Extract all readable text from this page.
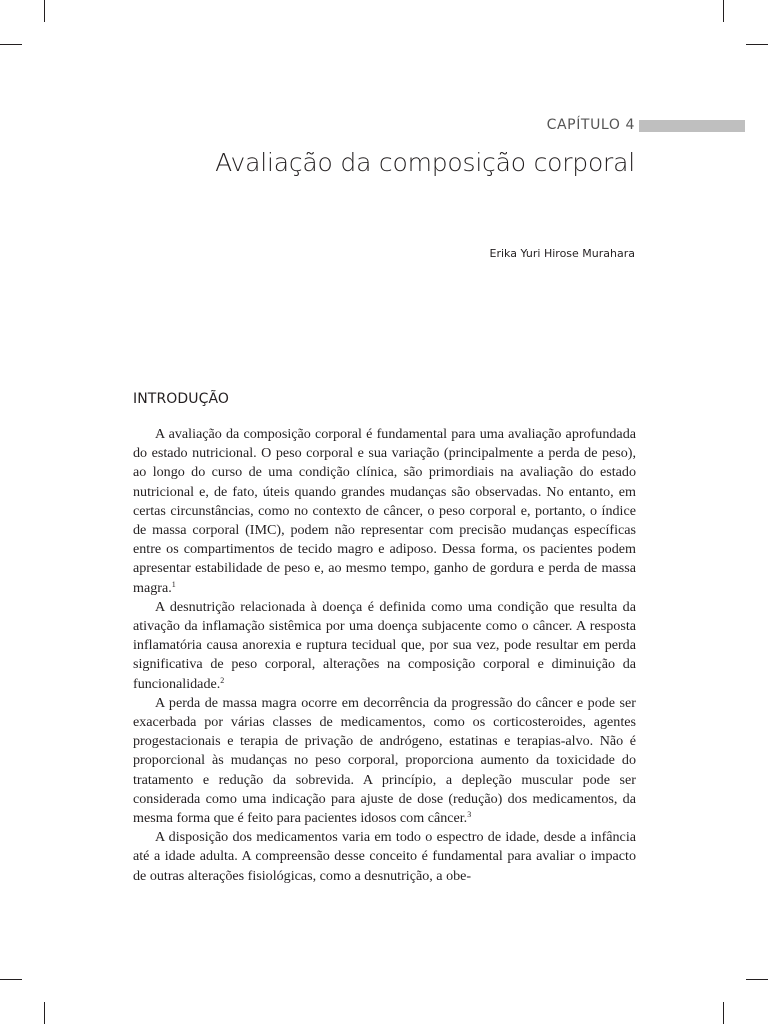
CAPÍTULO 4
Avaliação da composição corporal
Erika Yuri Hirose Murahara
INTRODUÇÃO

A avaliação da composição corporal é fundamental para uma avaliação aprofundada do estado nutricional. O peso corporal e sua variação (principalmente a perda de peso), ao longo do curso de uma condição clínica, são primordiais na avaliação do estado nutricional e, de fato, úteis quando grandes mudanças são observadas. No entanto, em certas circunstâncias, como no contexto de câncer, o peso corporal e, portanto, o índice de massa corporal (IMC), podem não representar com precisão mudanças específicas entre os compartimentos de tecido magro e adiposo. Dessa forma, os pacientes podem apresentar estabilidade de peso e, ao mesmo tempo, ganho de gordura e perda de massa magra.$^1$

A desnutrição relacionada à doença é definida como uma condição que resulta da ativação da inflamação sistêmica por uma doença subjacente como o câncer. A resposta inflamatória causa anorexia e ruptura tecidual que, por sua vez, pode resultar em perda significativa de peso corporal, alterações na composição corporal e diminuição da funcionalidade.$^2$

A perda de massa magra ocorre em decorrência da progressão do câncer e pode ser exacerbada por várias classes de medicamentos, como os corticosteroides, agentes progestacionais e terapia de privação de andrógeno, estatinas e terapias-alvo. Não é proporcional às mudanças no peso corporal, proporciona aumento da toxicidade do tratamento e redução da sobrevida. A princípio, a depleção muscular pode ser considerada como uma indicação para ajuste de dose (redução) dos medicamentos, da mesma forma que é feito para pacientes idosos com câncer.$^3$

A disposição dos medicamentos varia em todo o espectro de idade, desde a infância até a idade adulta. A compreensão desse conceito é fundamental para avaliar o impacto de outras alterações fisiológicas, como a desnutrição, a obe-
